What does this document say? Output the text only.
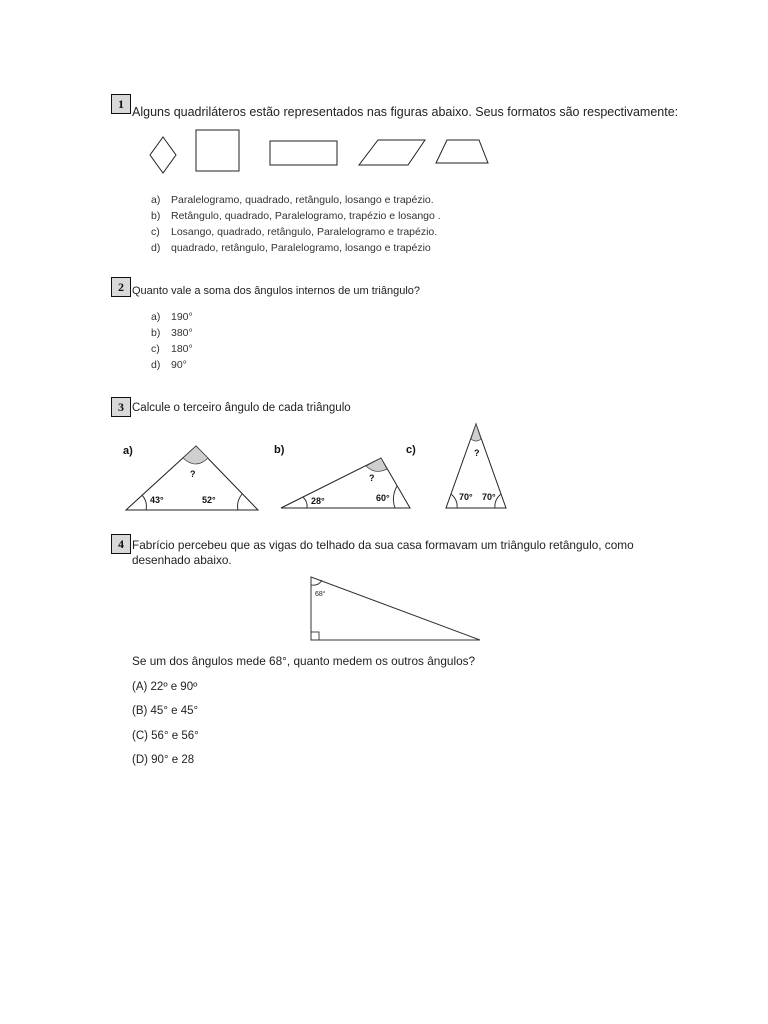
1
Alguns quadriláteros estão representados nas figuras abaixo. Seus formatos são respectivamente:
a) Paralelogramo, quadrado, retângulo, losango e trapézio.
b) Retângulo, quadrado, Paralelogramo, trapézio e losango .
c) Losango, quadrado, retângulo, Paralelogramo e trapézio.
d) quadrado, retângulo, Paralelogramo, losango e trapézio
2 Quanto vale a soma dos ângulos internos de um triângulo?
a) 190°
b) 380°
c) 180°
d) 90°
3 Calcule o terceiro ângulo de cada triângulo
a)
?
43°	52°
b)
?
28°	60°
c)	?
70° 70°
4 Fabrício percebeu que as vigas do telhado da sua casa formavam um triângulo retângulo, como
desenhado abaixo.
68°
Se um dos ângulos mede 68°, quanto medem os outros ângulos?
(A) 22º e 90º
(B) 45° e 45°
(C) 56° e 56°
(D) 90° e 28
